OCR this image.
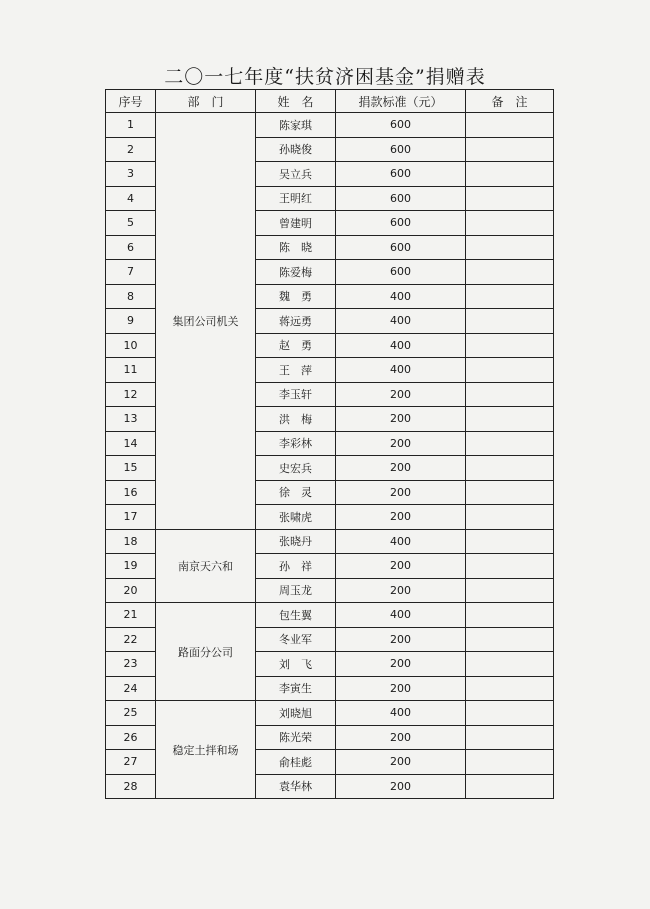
二〇一七年度“扶贫济困基金”捐赠表
序号	部　门	姓　名	捐款标准（元）	备　注
1	集团公司机关	陈家琪	600	
2		孙晓俊	600	
3		吴立兵	600	
4		王明红	600	
5		曾建明	600	
6		陈　晓	600	
7		陈爱梅	600	
8		魏　勇	400	
9		蒋远勇	400	
10		赵　勇	400	
11		王　萍	400	
12		李玉轩	200	
13		洪　梅	200	
14		李彩林	200	
15		史宏兵	200	
16		徐　灵	200	
17		张啸虎	200	
18	南京天六和	张晓丹	400	
19		孙　祥	200	
20		周玉龙	200	
21	路面分公司	包生翼	400	
22		冬业军	200	
23		刘　飞	200	
24		李寅生	200	
25	稳定土拌和场	刘晓旭	400	
26		陈光荣	200	
27		俞桂彪	200	
28		袁华林	200	
